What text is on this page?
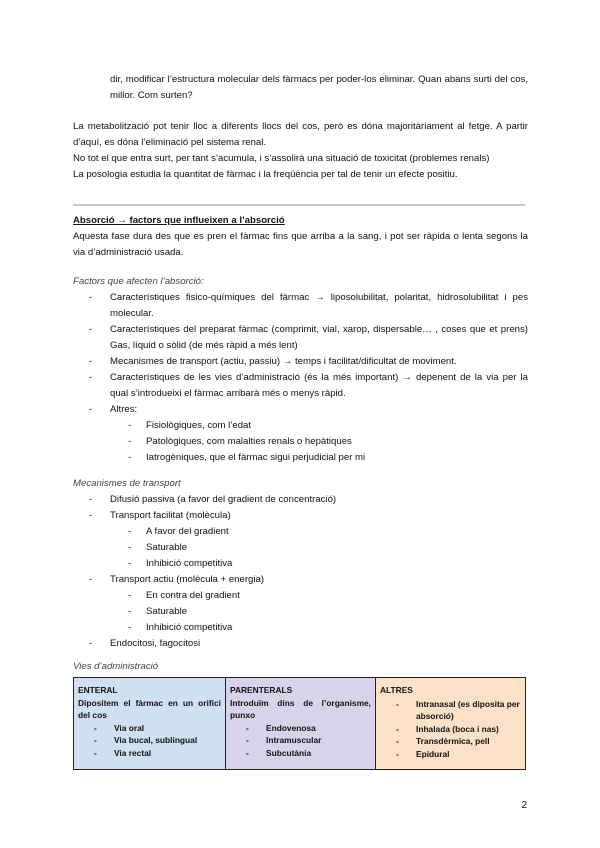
dir, modificar l’estructura molecular dels fàrmacs per poder-los eliminar. Quan abans surti del cos, millor. Com surten?

La metabolització pot tenir lloc a diferents llocs del cos, però es dóna majoritàriament al fetge. A partir d’aquí, es dóna l’eliminació pel sistema renal.

No tot el que entra surt, per tant s’acumula, i s’assolirà una situació de toxicitat (problemes renals)

La posologia estudia la quantitat de fàrmac i la freqüència per tal de tenir un efecte positiu.

Absorció → factors que influeixen a l’absorció

Aquesta fase dura des que es pren el fàrmac fins que arriba a la sang, i pot ser ràpida o lenta segons la via d’administració usada.

Factors que afecten l’absorció:

- Característiques fisico-químiques del fàrmac → liposolubilitat, polaritat, hidrosolubilitat i pes molecular.
- Característiques del preparat fàrmac (comprimit, vial, xarop, dispersable… , coses que et prens) Gas, líquid o sòlid (de més ràpid a més lent)
- Mecanismes de transport (actiu, passiu) → temps i facilitat/dificultat de moviment.
- Característiques de les vies d’administració (és la més important) → depenent de la via per la qual s’introdueixi el fàrmac arribarà més o menys ràpid.
- Altres:
- Fisiològiques, com l’edat
- Patològiques, com malalties renals o hepàtiques
- Iatrogèniques, que el fàrmac sigui perjudicial per mi

Mecanismes de transport

- Difusió passiva (a favor del gradient de concentració)
- Transport facilitat (molècula)
- A favor del gradient
- Saturable
- Inhibició competitiva
- Transport actiu (molècula + energia)
- En contra del gradient
- Saturable
- Inhibició competitiva
- Endocitosi, fagocitosi

Vies d’administració

ENTERAL
Dipositem el fàrmac en un orifici del cos
- Via oral
- Via bucal, sublingual
- Via rectal
PARENTERALS
Introduïm dins de l’organisme, punxo
- Endovenosa
- Intramuscular
- Subcutània
ALTRES
- Intranasal (es diposita per absorció)
- Inhalada (boca i nas)
- Transdèrmica, pell
- Epidural
2
